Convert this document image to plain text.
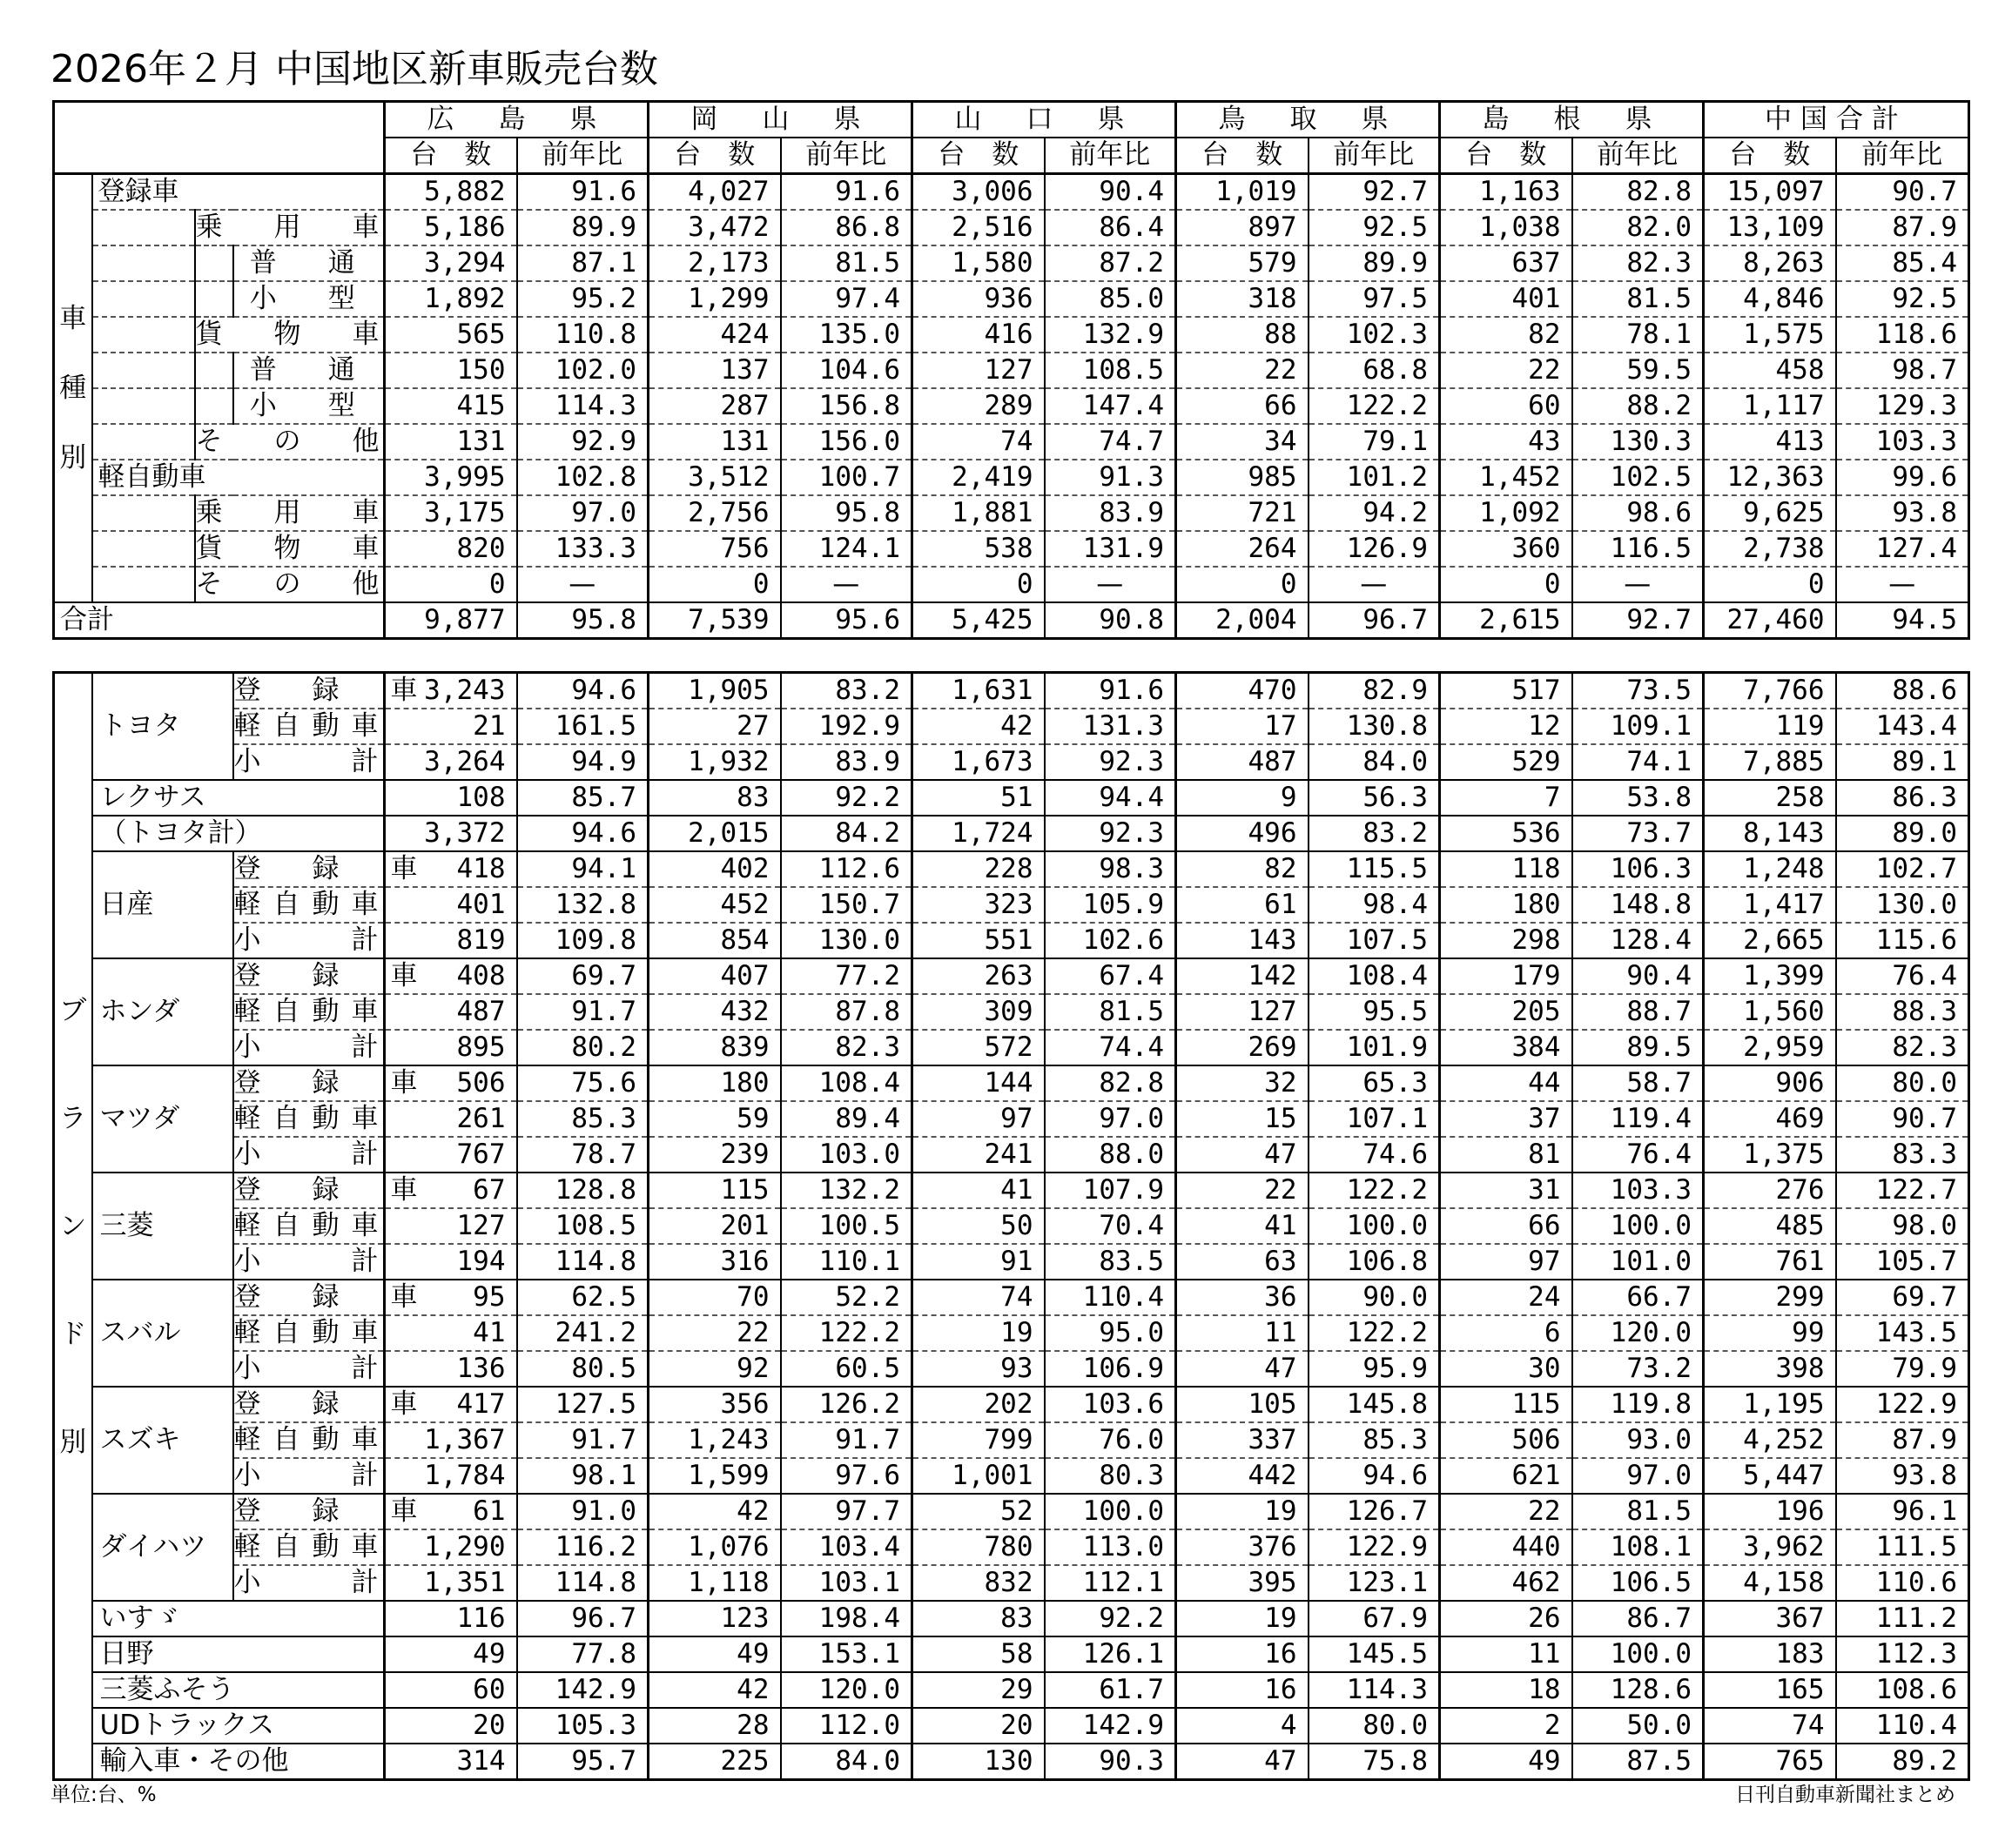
2026年２月 中国地区新車販売台数
				広　島　県		岡　山　県		山　口　県		鳥　取　県		島　根　県		中国合計	
				台　数	前年比	台　数	前年比	台　数	前年比	台　数	前年比	台　数	前年比	台　数	前年比

車
種
別	登録車			5,882	91.6	4,027	91.6	3,006	90.4	1,019	92.7	1,163	82.8	15,097	90.7
		乗　用　車		5,186	89.9	3,472	86.8	2,516	86.4	897	92.5	1,038	82.0	13,109	87.9
			普　通	3,294	87.1	2,173	81.5	1,580	87.2	579	89.9	637	82.3	8,263	85.4
			小　型	1,892	95.2	1,299	97.4	936	85.0	318	97.5	401	81.5	4,846	92.5
		貨　物　車		565	110.8	424	135.0	416	132.9	88	102.3	82	78.1	1,575	118.6
			普　通	150	102.0	137	104.6	127	108.5	22	68.8	22	59.5	458	98.7
			小　型	415	114.3	287	156.8	289	147.4	66	122.2	60	88.2	1,117	129.3
		そ　の　他		131	92.9	131	156.0	74	74.7	34	79.1	43	130.3	413	103.3
	軽自動車			3,995	102.8	3,512	100.7	2,419	91.3	985	101.2	1,452	102.5	12,363	99.6
		乗　用　車		3,175	97.0	2,756	95.8	1,881	83.9	721	94.2	1,092	98.6	9,625	93.8
		貨　物　車		820	133.3	756	124.1	538	131.9	264	126.9	360	116.5	2,738	127.4
		そ　の　他		0	—	0	—	0	—	0	—	0	—	0	—
合計				9,877	95.8	7,539	95.6	5,425	90.8	2,004	96.7	2,615	92.7	27,460	94.5
ブ
ラ
ン
ド
別	トヨタ	登　録　車	3,243	94.6	1,905	83.2	1,631	91.6	470	82.9	517	73.5	7,766	88.6
		軽自動車	21	161.5	27	192.9	42	131.3	17	130.8	12	109.1	119	143.4
		小　　計	3,264	94.9	1,932	83.9	1,673	92.3	487	84.0	529	74.1	7,885	89.1
	レクサス		108	85.7	83	92.2	51	94.4	9	56.3	7	53.8	258	86.3
	（トヨタ計）		3,372	94.6	2,015	84.2	1,724	92.3	496	83.2	536	73.7	8,143	89.0
	日産	登　録　車	418	94.1	402	112.6	228	98.3	82	115.5	118	106.3	1,248	102.7
		軽自動車	401	132.8	452	150.7	323	105.9	61	98.4	180	148.8	1,417	130.0
		小　　計	819	109.8	854	130.0	551	102.6	143	107.5	298	128.4	2,665	115.6
	ホンダ	登　録　車	408	69.7	407	77.2	263	67.4	142	108.4	179	90.4	1,399	76.4
		軽自動車	487	91.7	432	87.8	309	81.5	127	95.5	205	88.7	1,560	88.3
		小　　計	895	80.2	839	82.3	572	74.4	269	101.9	384	89.5	2,959	82.3
	マツダ	登　録　車	506	75.6	180	108.4	144	82.8	32	65.3	44	58.7	906	80.0
		軽自動車	261	85.3	59	89.4	97	97.0	15	107.1	37	119.4	469	90.7
		小　　計	767	78.7	239	103.0	241	88.0	47	74.6	81	76.4	1,375	83.3
	三菱	登　録　車	67	128.8	115	132.2	41	107.9	22	122.2	31	103.3	276	122.7
		軽自動車	127	108.5	201	100.5	50	70.4	41	100.0	66	100.0	485	98.0
		小　　計	194	114.8	316	110.1	91	83.5	63	106.8	97	101.0	761	105.7
	スバル	登　録　車	95	62.5	70	52.2	74	110.4	36	90.0	24	66.7	299	69.7
		軽自動車	41	241.2	22	122.2	19	95.0	11	122.2	6	120.0	99	143.5
		小　　計	136	80.5	92	60.5	93	106.9	47	95.9	30	73.2	398	79.9
	スズキ	登　録　車	417	127.5	356	126.2	202	103.6	105	145.8	115	119.8	1,195	122.9
		軽自動車	1,367	91.7	1,243	91.7	799	76.0	337	85.3	506	93.0	4,252	87.9
		小　　計	1,784	98.1	1,599	97.6	1,001	80.3	442	94.6	621	97.0	5,447	93.8
	ダイハツ	登　録　車	61	91.0	42	97.7	52	100.0	19	126.7	22	81.5	196	96.1
		軽自動車	1,290	116.2	1,076	103.4	780	113.0	376	122.9	440	108.1	3,962	111.5
		小　　計	1,351	114.8	1,118	103.1	832	112.1	395	123.1	462	106.5	4,158	110.6
	いすゞ		116	96.7	123	198.4	83	92.2	19	67.9	26	86.7	367	111.2
	日野		49	77.8	49	153.1	58	126.1	16	145.5	11	100.0	183	112.3
	三菱ふそう		60	142.9	42	120.0	29	61.7	16	114.3	18	128.6	165	108.6
	UDトラックス		20	105.3	28	112.0	20	142.9	4	80.0	2	50.0	74	110.4
	輸入車・その他		314	95.7	225	84.0	130	90.3	47	75.8	49	87.5	765	89.2
単位:台、%	日刊自動車新聞社まとめ
